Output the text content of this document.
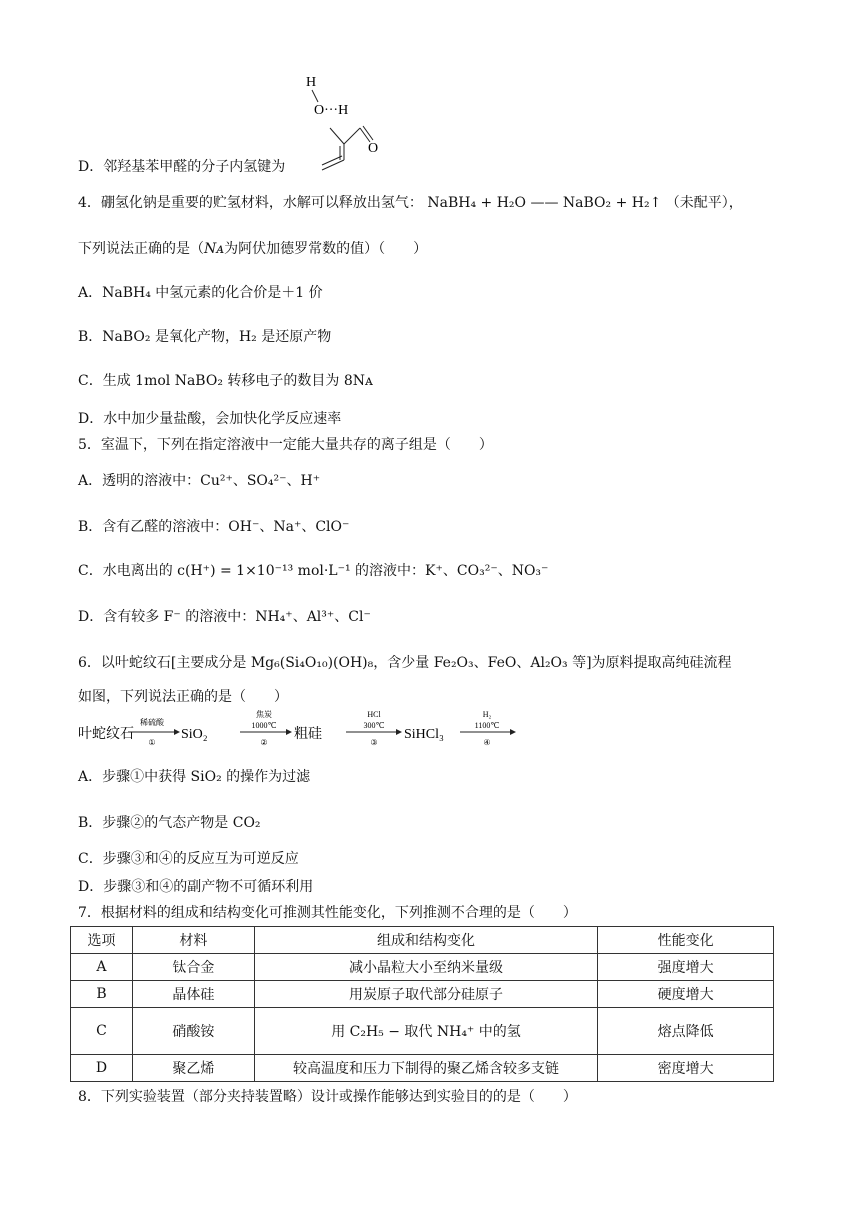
H
O···H
O
D．邻羟基苯甲醛的分子内氢键为
4．硼氢化钠是重要的贮氢材料，水解可以释放出氢气： NaBH₄ + H₂O —— NaBO₂ + H₂↑ （未配平），
下列说法正确的是（Nᴀ为阿伏加德罗常数的值）（　　）
A．NaBH₄ 中氢元素的化合价是＋1 价
B．NaBO₂ 是氧化产物，H₂ 是还原产物
C．生成 1mol NaBO₂ 转移电子的数目为 8Nᴀ
D．水中加少量盐酸，会加快化学反应速率
5．室温下，下列在指定溶液中一定能大量共存的离子组是（　　）
A．透明的溶液中：Cu²⁺、SO₄²⁻、H⁺
B．含有乙醛的溶液中：OH⁻、Na⁺、ClO⁻
C．水电离出的 c(H⁺) = 1×10⁻¹³ mol·L⁻¹ 的溶液中：K⁺、CO₃²⁻、NO₃⁻
D．含有较多 F⁻ 的溶液中：NH₄⁺、Al³⁺、Cl⁻
6．以叶蛇纹石[主要成分是 Mg₆(Si₄O₁₀)(OH)₈，含少量 Fe₂O₃、FeO、Al₂O₃ 等]为原料提取高纯硅流程
如图，下列说法正确的是（　　）
叶蛇纹石
稀硫酸
①
SiO₂
焦炭
1000℃
②
粗硅
HCl
300℃
③
SiHCl₃
H₂
1100℃
④
A．步骤①中获得 SiO₂ 的操作为过滤
B．步骤②的气态产物是 CO₂
C．步骤③和④的反应互为可逆反应
D．步骤③和④的副产物不可循环利用
7．根据材料的组成和结构变化可推测其性能变化，下列推测不合理的是（　　）
选项	材料	组成和结构变化	性能变化
A	钛合金	减小晶粒大小至纳米量级	强度增大
B	晶体硅	用炭原子取代部分硅原子	硬度增大
C	硝酸铵	用 C₂H₅ − 取代 NH₄⁺ 中的氢	熔点降低
D	聚乙烯	较高温度和压力下制得的聚乙烯含较多支链	密度增大
8．下列实验装置（部分夹持装置略）设计或操作能够达到实验目的的是（　　）
